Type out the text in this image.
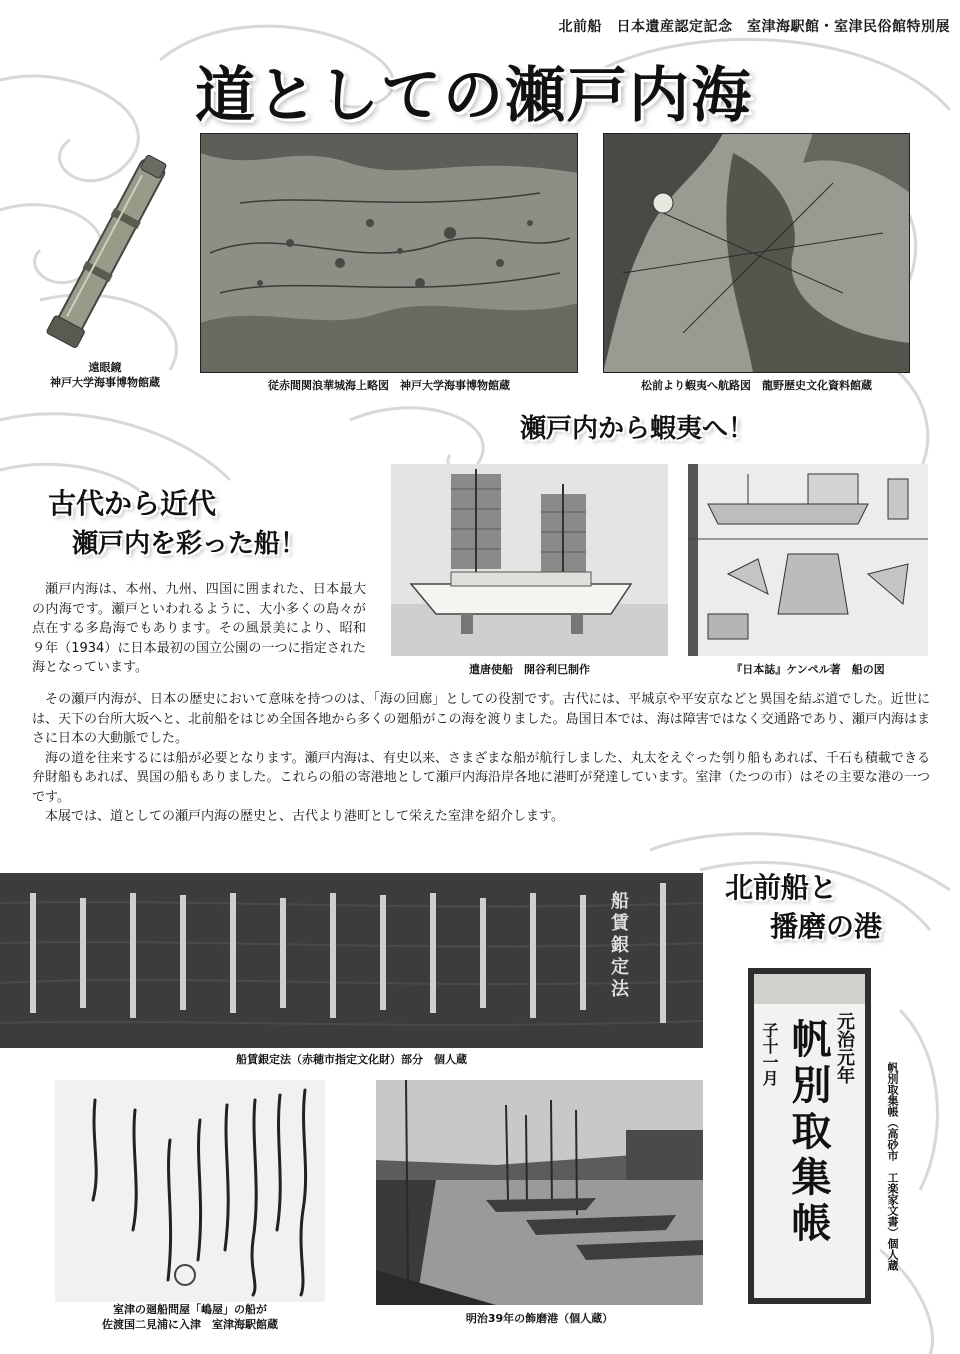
北前船　日本遺産認定記念　室津海駅館・室津民俗館特別展
道としての瀬戸内海
遠眼鏡
神戸大学海事博物館蔵	従赤間関浪華城海上略図　神戸大学海事博物館蔵	松前より蝦夷へ航路図　龍野歴史文化資料館蔵
瀬戸内から蝦夷へ！
古代から近代
瀬戸内を彩った船！
遣唐使船　開谷利巳制作	『日本誌』ケンペル著　船の図

瀬戸内海は、本州、九州、四国に囲まれた、日本最大の内海です。瀬戸といわれるように、大小多くの島々が点在する多島海でもあります。その風景美により、昭和９年（1934）に日本最初の国立公園の一つに指定された海となっています。

その瀬戸内海が、日本の歴史において意味を持つのは、「海の回廊」としての役割です。古代には、平城京や平安京などと異国を結ぶ道でした。近世には、天下の台所大坂へと、北前船をはじめ全国各地から多くの廻船がこの海を渡りました。島国日本では、海は障害ではなく交通路であり、瀬戸内海はまさに日本の大動脈でした。

海の道を往来するには船が必要となります。瀬戸内海は、有史以来、さまざまな船が航行しました、丸太をえぐった刳り船もあれば、千石も積載できる弁財船もあれば、異国の船もありました。これらの船の寄港地として瀬戸内海沿岸各地に港町が発達しています。室津（たつの市）はその主要な港の一つです。

本展では、道としての瀬戸内海の歴史と、古代より港町として栄えた室津を紹介します。

北前船と
播磨の港
船賃銀定法
船賃銀定法（赤穂市指定文化財）部分　個人蔵
室津の廻船問屋「嶋屋」の船が
佐渡国二見浦に入津　室津海駅館蔵	明治39年の飾磨港（個人蔵）
帆別取集帳 元治元年
子十一月
帆別取集帳（高砂市　工楽家文書）個人蔵
